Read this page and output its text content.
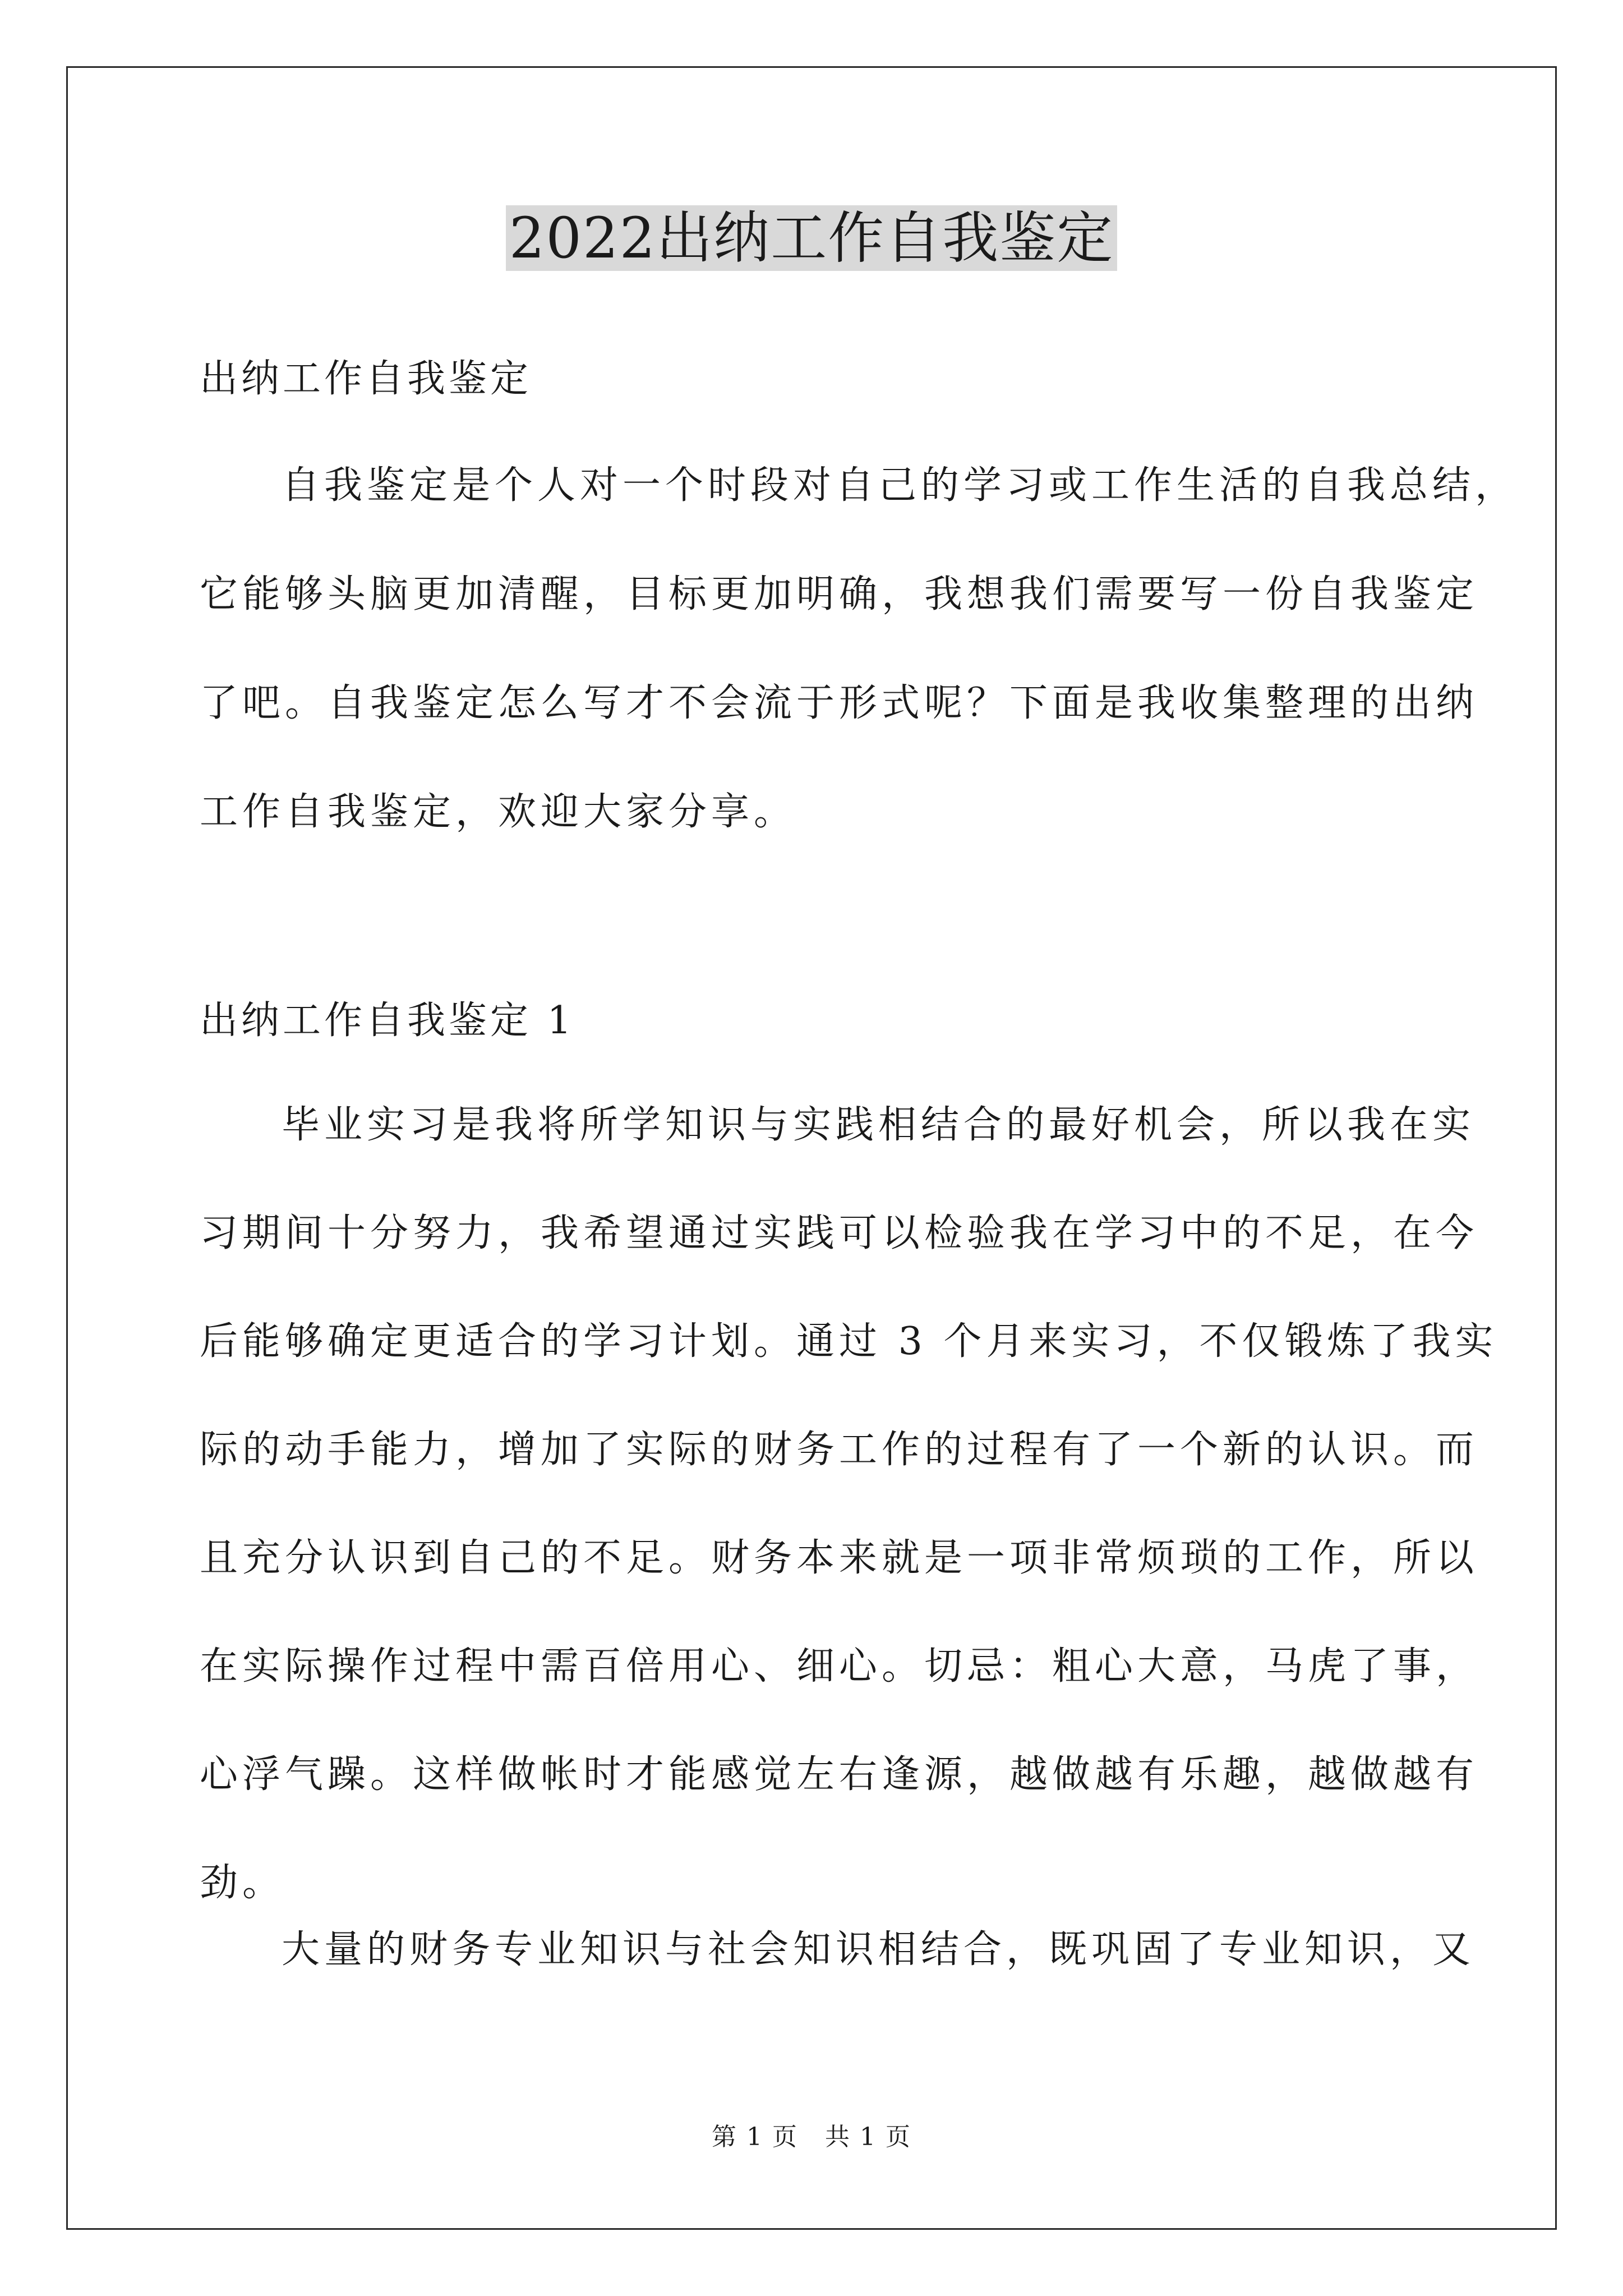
2022出纳工作自我鉴定

出纳工作自我鉴定

自我鉴定是个人对一个时段对自己的学习或工作生活的自我总结，

它能够头脑更加清醒，目标更加明确，我想我们需要写一份自我鉴定

了吧。自我鉴定怎么写才不会流于形式呢？下面是我收集整理的出纳

工作自我鉴定，欢迎大家分享。

出纳工作自我鉴定 1

毕业实习是我将所学知识与实践相结合的最好机会，所以我在实

习期间十分努力，我希望通过实践可以检验我在学习中的不足，在今

后能够确定更适合的学习计划。通过 3 个月来实习，不仅锻炼了我实

际的动手能力，增加了实际的财务工作的过程有了一个新的认识。而

且充分认识到自己的不足。财务本来就是一项非常烦琐的工作，所以

在实际操作过程中需百倍用心、细心。切忌：粗心大意，马虎了事，

心浮气躁。这样做帐时才能感觉左右逢源，越做越有乐趣，越做越有

劲。

大量的财务专业知识与社会知识相结合，既巩固了专业知识，又

第 1 页 共 1 页
